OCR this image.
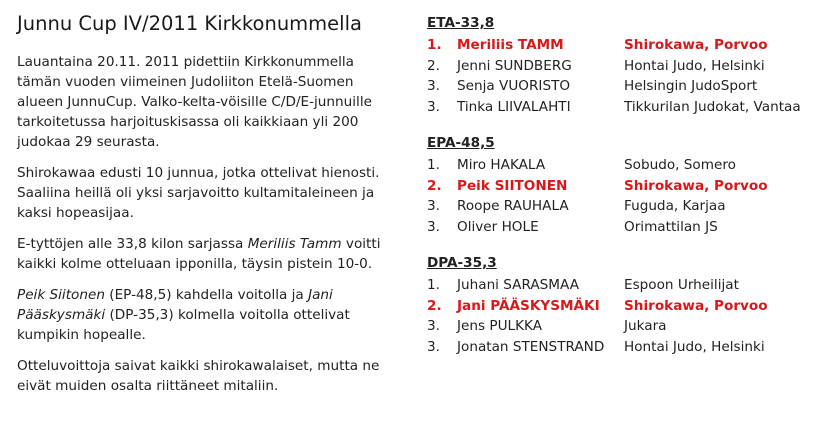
Junnu Cup IV/2011 Kirkkonummella

Lauantaina 20.11. 2011 pidettiin Kirkkonummella tämän vuoden viimeinen Judoliiton Etelä-Suomen alueen JunnuCup. Valko-kelta-vöisille C/D/E-junnuille tarkoitetussa harjoituskisassa oli kaikkiaan yli 200 judokaa 29 seurasta.

Shirokawaa edusti 10 junnua, jotka ottelivat hienosti. Saaliina heillä oli yksi sarjavoitto kultamitaleineen ja kaksi hopeasijaa.

E-tyttöjen alle 33,8 kilon sarjassa Meriliis Tamm voitti kaikki kolme otteluaan ipponilla, täysin pistein 10-0.

Peik Siitonen (EP-48,5) kahdella voitolla ja Jani Pääskysmäki (DP-35,3) kolmella voitolla ottelivat kumpikin hopealle.

Otteluvoittoja saivat kaikki shirokawalaiset, mutta ne eivät muiden osalta riittäneet mitaliin.

ETA-33,8
1.	Meriliis TAMM	Shirokawa, Porvoo
2.	Jenni SUNDBERG	Hontai Judo, Helsinki
3.	Senja VUORISTO	Helsingin JudoSport
3.	Tinka LIIVALAHTI	Tikkurilan Judokat, Vantaa
EPA-48,5
1.	Miro HAKALA	Sobudo, Somero
2.	Peik SIITONEN	Shirokawa, Porvoo
3.	Roope RAUHALA	Fuguda, Karjaa
3.	Oliver HOLE	Orimattilan JS
DPA-35,3
1.	Juhani SARASMAA	Espoon Urheilijat
2.	Jani PÄÄSKYSMÄKI	Shirokawa, Porvoo
3.	Jens PULKKA	Jukara
3.	Jonatan STENSTRAND	Hontai Judo, Helsinki
